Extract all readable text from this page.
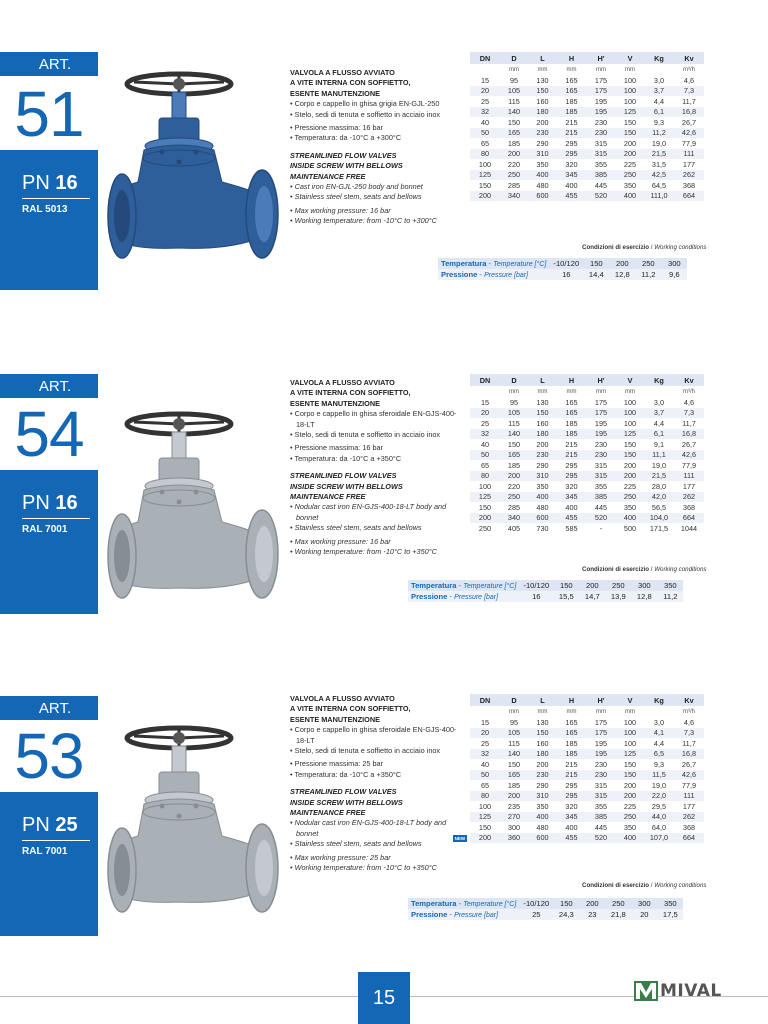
ART.
51
PN 16
RAL 5013
VALVOLA A FLUSSO AVVIATO
A VITE INTERNA CON SOFFIETTO,
ESENTE MANUTENZIONE
• Corpo e cappello in ghisa grigia EN-GJL-250
• Stelo, sedi di tenuta e soffietto in acciaio inox
• Pressione massima: 16 bar
• Temperatura: da -10°C a +300°C
STREAMLINED FLOW VALVES
INSIDE SCREW WITH BELLOWS
MAINTENANCE FREE
• Cast iron EN-GJL-250 body and bonnet
• Stainless steel stem, seats and bellows
• Max working pressure: 16 bar
• Working temperature: from -10°C to +300°C
DN	D	L	H	H'	V	Kg	Kv
	mm	mm	mm	mm	mm		m³/h
15	95	130	165	175	100	3,0	4,6
20	105	150	165	175	100	3,7	7,3
25	115	160	185	195	100	4,4	11,7
32	140	180	185	195	125	6,1	16,8
40	150	200	215	230	150	9,3	26,7
50	165	230	215	230	150	11,2	42,6
65	185	290	295	315	200	19,0	77,9
80	200	310	295	315	200	21,5	111
100	220	350	320	355	225	31,5	177
125	250	400	345	385	250	42,5	262
150	285	480	400	445	350	64,5	368
200	340	600	455	520	400	111,0	664
Condizioni di esercizio / Working conditions
Temperatura - Temperature [°C]	-10/120	150	200	250	300
Pressione - Pressure [bar]	16	14,4	12,8	11,2	9,6
ART.
54
PN 16
RAL 7001
VALVOLA A FLUSSO AVVIATO
A VITE INTERNA CON SOFFIETTO,
ESENTE MANUTENZIONE
• Corpo e cappello in ghisa sferoidale EN-GJS-400-18-LT
• Stelo, sedi di tenuta e soffietto in acciaio inox
• Pressione massima: 16 bar
• Temperatura: da -10°C a +350°C
STREAMLINED FLOW VALVES
INSIDE SCREW WITH BELLOWS
MAINTENANCE FREE
• Nodular cast iron EN-GJS-400-18-LT body and bonnet
• Stainless steel stem, seats and bellows
• Max working pressure: 16 bar
• Working temperature: from -10°C to +350°C
DN	D	L	H	H'	V	Kg	Kv
	mm	mm	mm	mm	mm		m³/h
15	95	130	165	175	100	3,0	4,6
20	105	150	165	175	100	3,7	7,3
25	115	160	185	195	100	4,4	11,7
32	140	180	185	195	125	6,1	16,8
40	150	200	215	230	150	9,1	26,7
50	165	230	215	230	150	11,1	42,6
65	185	290	295	315	200	19,0	77,9
80	200	310	295	315	200	21,5	111
100	220	350	320	355	225	28,0	177
125	250	400	345	385	250	42,0	262
150	285	480	400	445	350	56,5	368
200	340	600	455	520	400	104,0	664
250	405	730	585	-	500	171,5	1044
Condizioni di esercizio / Working conditions
Temperatura - Temperature [°C]	-10/120	150	200	250	300	350
Pressione - Pressure [bar]	16	15,5	14,7	13,9	12,8	11,2
ART.
53
PN 25
RAL 7001
VALVOLA A FLUSSO AVVIATO
A VITE INTERNA CON SOFFIETTO,
ESENTE MANUTENZIONE
• Corpo e cappello in ghisa sferoidale EN-GJS-400-18-LT
• Stelo, sedi di tenuta e soffietto in acciaio inox
• Pressione massima: 25 bar
• Temperatura: da -10°C a +350°C
STREAMLINED FLOW VALVES
INSIDE SCREW WITH BELLOWS
MAINTENANCE FREE
• Nodular cast iron EN-GJS-400-18-LT body and bonnet
• Stainless steel stem, seats and bellows
• Max working pressure: 25 bar
• Working temperature: from -10°C to +350°C
DN	D	L	H	H'	V	Kg	Kv
	mm	mm	mm	mm	mm		m³/h
15	95	130	165	175	100	3,0	4,6
20	105	150	165	175	100	4,1	7,3
25	115	160	185	195	100	4,4	11,7
32	140	180	185	195	125	6,5	16,8
40	150	200	215	230	150	9,3	26,7
50	165	230	215	230	150	11,5	42,6
65	185	290	295	315	200	19,0	77,9
80	200	310	295	315	200	22,0	111
100	235	350	320	355	225	29,5	177
125	270	400	345	385	250	44,0	262
150	300	480	400	445	350	64,0	368

NEW 200	360	600	455	520	400	107,0	664
Condizioni di esercizio / Working conditions
Temperatura - Temperature [°C]	-10/120	150	200	250	300	350
Pressione - Pressure [bar]	25	24,3	23	21,8	20	17,5
15	MIVAL
